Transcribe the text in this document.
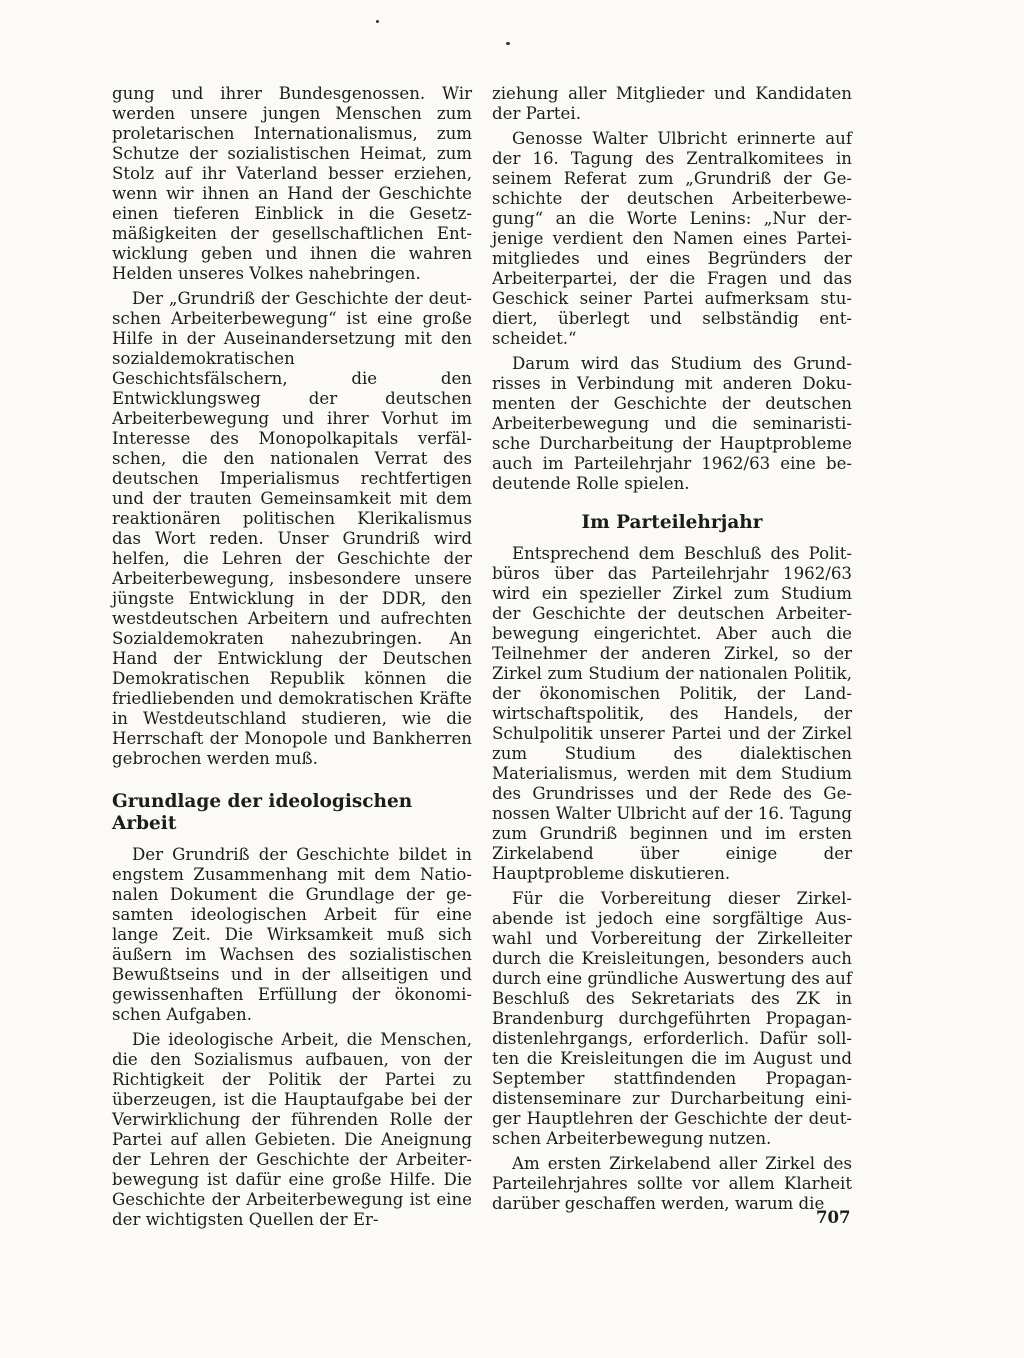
gung und ihrer Bundesgenossen. Wir werden unsere jungen Menschen zum proletarischen Internationalismus, zum Schutze der sozialistischen Heimat, zum Stolz auf ihr Vaterland besser erziehen, wenn wir ihnen an Hand der Geschichte einen tieferen Einblick in die Gesetzmäßigkeiten der gesellschaftlichen Entwicklung geben und ihnen die wahren Helden unseres Volkes nahebringen.

Der „Grundriß der Geschichte der deutschen Arbeiterbewegung“ ist eine große Hilfe in der Auseinandersetzung mit den sozialdemokratischen Geschichtsfälschern, die den Entwicklungsweg der deutschen Arbeiterbewegung und ihrer Vorhut im Interesse des Monopolkapitals verfälschen, die den nationalen Verrat des deutschen Imperialismus rechtfertigen und der trauten Gemeinsamkeit mit dem reaktionären politischen Klerikalismus das Wort reden. Unser Grundriß wird helfen, die Lehren der Geschichte der Arbeiterbewegung, insbesondere unsere jüngste Entwicklung in der DDR, den westdeutschen Arbeitern und aufrechten Sozialdemokraten nahezubringen. An Hand der Entwicklung der Deutschen Demokratischen Republik können die friedliebenden und demokratischen Kräfte in Westdeutschland studieren, wie die Herrschaft der Monopole und Bankherren gebrochen werden muß.

Grundlage der ideologischen Arbeit

Der Grundriß der Geschichte bildet in engstem Zusammenhang mit dem Nationalen Dokument die Grundlage der gesamten ideologischen Arbeit für eine lange Zeit. Die Wirksamkeit muß sich äußern im Wachsen des sozialistischen Bewußtseins und in der allseitigen und gewissenhaften Erfüllung der ökonomischen Aufgaben.

Die ideologische Arbeit, die Menschen, die den Sozialismus aufbauen, von der Richtigkeit der Politik der Partei zu überzeugen, ist die Hauptaufgabe bei der Verwirklichung der führenden Rolle der Partei auf allen Gebieten. Die Aneignung der Lehren der Geschichte der Arbeiterbewegung ist dafür eine große Hilfe. Die Geschichte der Arbeiterbewegung ist eine der wichtigsten Quellen der Er-

ziehung aller Mitglieder und Kandidaten der Partei.

Genosse Walter Ulbricht erinnerte auf der 16. Tagung des Zentralkomitees in seinem Referat zum „Grundriß der Geschichte der deutschen Arbeiterbewegung“ an die Worte Lenins: „Nur derjenige verdient den Namen eines Parteimitgliedes und eines Begründers der Arbeiterpartei, der die Fragen und das Geschick seiner Partei aufmerksam studiert, überlegt und selbständig entscheidet.“

Darum wird das Studium des Grundrisses in Verbindung mit anderen Dokumenten der Geschichte der deutschen Arbeiterbewegung und die seminaristische Durcharbeitung der Hauptprobleme auch im Parteilehrjahr 1962/63 eine bedeutende Rolle spielen.

Im Parteilehrjahr

Entsprechend dem Beschluß des Politbüros über das Parteilehrjahr 1962/63 wird ein spezieller Zirkel zum Studium der Geschichte der deutschen Arbeiterbewegung eingerichtet. Aber auch die Teilnehmer der anderen Zirkel, so der Zirkel zum Studium der nationalen Politik, der ökonomischen Politik, der Landwirtschaftspolitik, des Handels, der Schulpolitik unserer Partei und der Zirkel zum Studium des dialektischen Materialismus, werden mit dem Studium des Grundrisses und der Rede des Genossen Walter Ulbricht auf der 16. Tagung zum Grundriß beginnen und im ersten Zirkelabend über einige der Hauptprobleme diskutieren.

Für die Vorbereitung dieser Zirkelabende ist jedoch eine sorgfältige Auswahl und Vorbereitung der Zirkelleiter durch die Kreisleitungen, besonders auch durch eine gründliche Auswertung des auf Beschluß des Sekretariats des ZK in Brandenburg durchgeführten Propagandistenlehrgangs, erforderlich. Dafür sollten die Kreisleitungen die im August und September stattfindenden Propagandistenseminare zur Durcharbeitung einiger Hauptlehren der Geschichte der deutschen Arbeiterbewegung nutzen.

Am ersten Zirkelabend aller Zirkel des Parteilehrjahres sollte vor allem Klarheit darüber geschaffen werden, warum die

707
